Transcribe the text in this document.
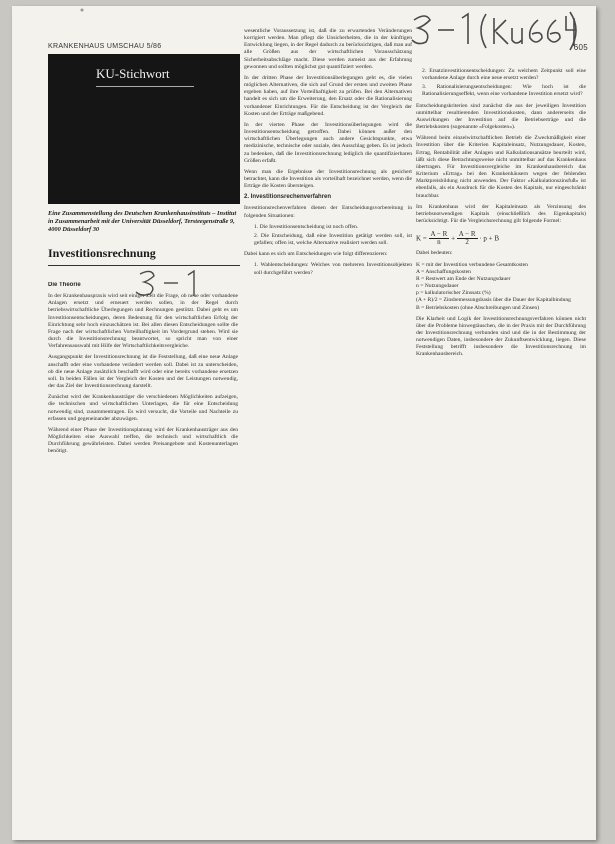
KRANKENHAUS UMSCHAU 5/86	605
KU-Stichwort
Eine Zusammenstellung des Deutschen Krankenhausinstituts – Institut in Zusammenarbeit mit der Universität Düsseldorf, Tersteegenstraße 9, 4000 Düsseldorf 30
Investitionsrechnung

Die Theorie

In der Krankenhauspraxis wird seit einiger Zeit die Frage, ob neue oder vorhandene Anlagen ersetzt und erneuert werden sollen, in der Regel durch betriebswirtschaftliche Überlegungen und Rechnungen gestützt. Dabei geht es um Investitionsentscheidungen, deren Bedeutung für den wirtschaftlichen Erfolg der Einrichtung sehr hoch einzuschätzen ist. Bei allen diesen Entscheidungen sollte die Frage nach der wirtschaftlichen Vorteilhaftigkeit im Vordergrund stehen. Wird sie durch die Investitionsrechnung beantwortet, so spricht man von einer Verfahrensauswahl mit Hilfe der Wirtschaftlichkeitsvergleiche.

Ausgangspunkt der Investitionsrechnung ist die Feststellung, daß eine neue Anlage anschafft oder eine vorhandene verändert werden soll. Dabei ist zu unterscheiden, ob die neue Anlage zusätzlich beschafft wird oder eine bereits vorhandene ersetzen soll. In beiden Fällen ist der Vergleich der Kosten und der Leistungen notwendig, der das Ziel der Investitionsrechnung darstellt.

Zunächst wird der Krankenhausträger die verschiedenen Möglichkeiten aufzeigen, die technischen und wirtschaftlichen Unterlagen, die für eine Entscheidung notwendig sind, zusammentragen. Es wird versucht, die Vorteile und Nachteile zu erfassen und gegeneinander abzuwägen.

Während einer Phase der Investitionsplanung wird der Krankenhausträger aus den Möglichkeiten eine Auswahl treffen, die technisch und wirtschaftlich die Durchführung gewährleisten. Dabei werden Preisangebote und Kostenunterlagen benötigt.

wesentliche Voraussetzung ist, daß die zu erwartenden Veränderungen korrigiert werden. Man pflegt die Unsicherheiten, die in der künftigen Entwicklung liegen, in der Regel dadurch zu berücksichtigen, daß man auf alle Größen aus der wirtschaftlichen Vorausschätzung Sicherheitsabschläge macht. Diese werden zumeist aus der Erfahrung gewonnen und sollten möglichst gut quantifiziert werden.

In der dritten Phase der Investitionsüberlegungen geht es, die vielen möglichen Alternativen, die sich auf Grund der ersten und zweiten Phase ergeben haben, auf ihre Vorteilhaftigkeit zu prüfen. Bei den Alternativen handelt es sich um die Erweiterung, den Ersatz oder die Rationalisierung vorhandener Einrichtungen. Für die Entscheidung ist der Vergleich der Kosten und der Erträge maßgebend.

In der vierten Phase der Investitionsüberlegungen wird die Investitionsentscheidung getroffen. Dabei können außer den wirtschaftlichen Überlegungen auch andere Gesichtspunkte, etwa medizinische, technische oder soziale, den Ausschlag geben. Es ist jedoch zu bedenken, daß die Investitionsrechnung lediglich die quantifizierbaren Größen erfaßt.

Wenn man die Ergebnisse der Investitionsrechnung als gesichert betrachtet, kann die Investition als vorteilhaft bezeichnet werden, wenn die Erträge die Kosten übersteigen.

2. Investitionsrechenverfahren

Investitionsrechenverfahren dienen der Entscheidungsvorbereitung in folgenden Situationen:

1. Die Investitionsentscheidung ist noch offen.
2. Die Entscheidung, daß eine Investition getätigt werden soll, ist gefallen; offen ist, welche Alternative realisiert werden soll.

Dabei kann es sich um Entscheidungen wie folgt differenzieren:

1. Wahlentscheidungen: Welches von mehreren Investitionsobjekten soll durchgeführt werden?
2. Ersatzinvestitionsentscheidungen: Zu welchem Zeitpunkt soll eine vorhandene Anlage durch eine neue ersetzt werden?
3. Rationalisierungsentscheidungen: Wie hoch ist die Rationalisierungseffekt, wenn eine vorhandene Investition ersetzt wird?

Entscheidungskriterien sind zunächst die aus der jeweiligen Investition unmittelbar resultierenden Investitionskosten, dann andererseits die Auswirkungen der Investition auf die Betriebserträge und die Betriebskosten (sogenannte »Folgekosten«).

Während beim einzelwirtschaftlichen Betrieb die Zweckmäßigkeit einer Investition über die Kriterien Kapitaleinsatz, Nutzungsdauer, Kosten, Ertrag, Rentabilität aller Anlagen und Kalkulationsansätze beurteilt wird, läßt sich diese Betrachtungsweise nicht unmittelbar auf das Krankenhaus übertragen. Für Investitionsvergleiche im Krankenhausbereich das Kriterium »Ertrag« bei den Krankenhäusern wegen der fehlenden Marktpreisbildung nicht anwenden. Der Faktor »Kalkulationszinsfuß« ist ebenfalls, als ein Ausdruck für die Kosten des Kapitals, nur eingeschränkt brauchbar.

Im Krankenhaus wird der Kapitaleinsatz als Verzinsung des betriebsnotwendigen Kapitals (einschließlich des Eigenkapitals) berücksichtigt. Für die Vergleichsrechnung gilt folgende Formel:

$K = \frac{A - R}{n} + \frac{A - R}{2} \cdot p + B$

Dabei bedeuten:

K = mit der Investition verbundene Gesamtkosten
A = Anschaffungskosten
R = Restwert am Ende der Nutzungsdauer
n = Nutzungsdauer
p = kalkulatorischer Zinssatz (%)
(A + R)/2 = Zinsbemessungsbasis über die Dauer der Kapitalbindung
B = Betriebskosten (ohne Abschreibungen und Zinsen)

Die Klarheit und Logik der Investitionsrechnungsverfahren können nicht über die Probleme hinwegtäuschen, die in der Praxis mit der Durchführung der Investitionsrechnung verbunden sind und die in der Bestimmung der notwendigen Daten, insbesondere der Zukunftsentwicklung, liegen. Diese Feststellung betrifft insbesondere die Investitionsrechnung im Krankenhausbereich.
